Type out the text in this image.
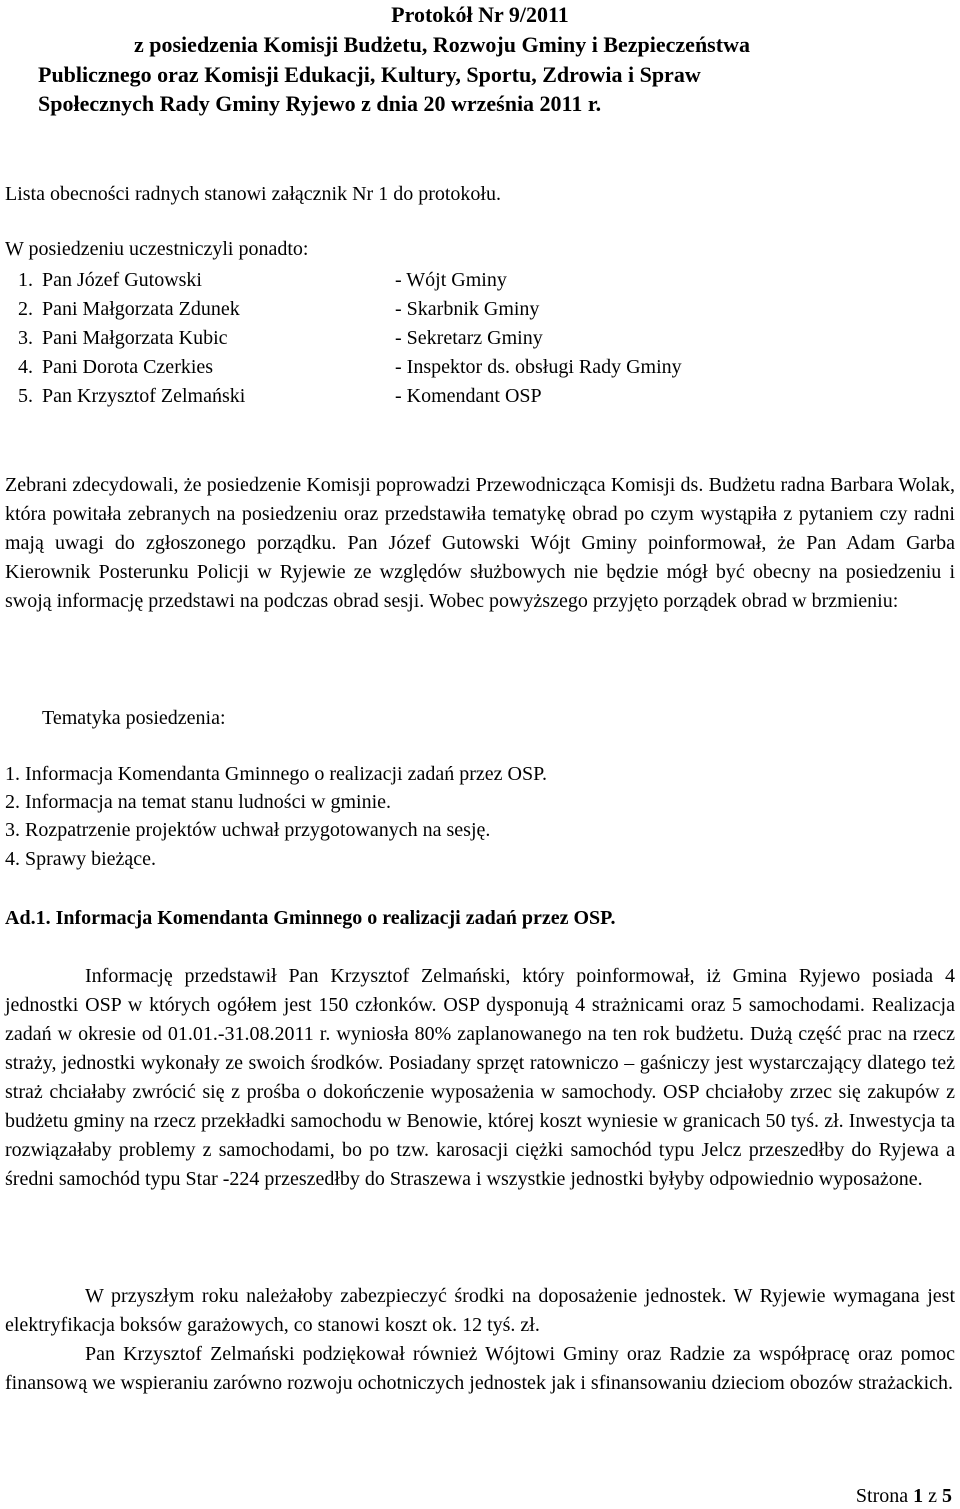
Protokół Nr 9/2011
z posiedzenia Komisji Budżetu, Rozwoju Gminy i Bezpieczeństwa
Publicznego oraz Komisji Edukacji, Kultury, Sportu, Zdrowia i Spraw
Społecznych Rady Gminy Ryjewo z dnia 20 września 2011 r.
Lista obecności radnych stanowi załącznik Nr 1 do protokołu.
W posiedzeniu uczestniczyli ponadto:
1. Pan Józef Gutowski	- Wójt Gminy
2. Pani Małgorzata Zdunek	- Skarbnik Gminy
3. Pani Małgorzata Kubic	- Sekretarz Gminy
4. Pani Dorota Czerkies	- Inspektor ds. obsługi Rady Gminy
5. Pan Krzysztof Zelmański	- Komendant OSP
Zebrani zdecydowali, że posiedzenie Komisji poprowadzi Przewodnicząca Komisji ds. Budżetu radna Barbara Wolak, która powitała zebranych na posiedzeniu oraz przedstawiła tematykę obrad po czym wystąpiła z pytaniem czy radni mają uwagi do zgłoszonego porządku. Pan Józef Gutowski Wójt Gminy poinformował, że Pan Adam Garba Kierownik Posterunku Policji w Ryjewie ze względów służbowych nie będzie mógł być obecny na posiedzeniu i swoją informację przedstawi na podczas obrad sesji. Wobec powyższego przyjęto porządek obrad w brzmieniu:
Tematyka posiedzenia:
1. Informacja Komendanta Gminnego o realizacji zadań przez OSP.
2. Informacja na temat stanu ludności w gminie.
3. Rozpatrzenie projektów uchwał przygotowanych na sesję.
4. Sprawy bieżące.
Ad.1. Informacja Komendanta Gminnego o realizacji zadań przez OSP.
Informację przedstawił Pan Krzysztof Zelmański, który poinformował, iż Gmina Ryjewo posiada 4 jednostki OSP w których ogółem jest 150 członków. OSP dysponują 4 strażnicami oraz 5 samochodami. Realizacja zadań w okresie od 01.01.-31.08.2011 r. wyniosła 80% zaplanowanego na ten rok budżetu. Dużą część prac na rzecz straży, jednostki wykonały ze swoich środków. Posiadany sprzęt ratowniczo – gaśniczy jest wystarczający dlatego też straż chciałaby zwrócić się z prośba o dokończenie wyposażenia w samochody. OSP chciałoby zrzec się zakupów z budżetu gminy na rzecz przekładki samochodu w Benowie, której koszt wyniesie w granicach 50 tyś. zł. Inwestycja ta rozwiązałaby problemy z samochodami, bo po tzw. karosacji ciężki samochód typu Jelcz przeszedłby do Ryjewa a średni samochód typu Star -224 przeszedłby do Straszewa i wszystkie jednostki byłyby odpowiednio wyposażone.
W przyszłym roku należałoby zabezpieczyć środki na doposażenie jednostek. W Ryjewie wymagana jest elektryfikacja boksów garażowych, co stanowi koszt ok. 12 tyś. zł.
Pan Krzysztof Zelmański podziękował również Wójtowi Gminy oraz Radzie za współpracę oraz pomoc finansową we wspieraniu zarówno rozwoju ochotniczych jednostek jak i sfinansowaniu dzieciom obozów strażackich.
Strona 1 z 5
